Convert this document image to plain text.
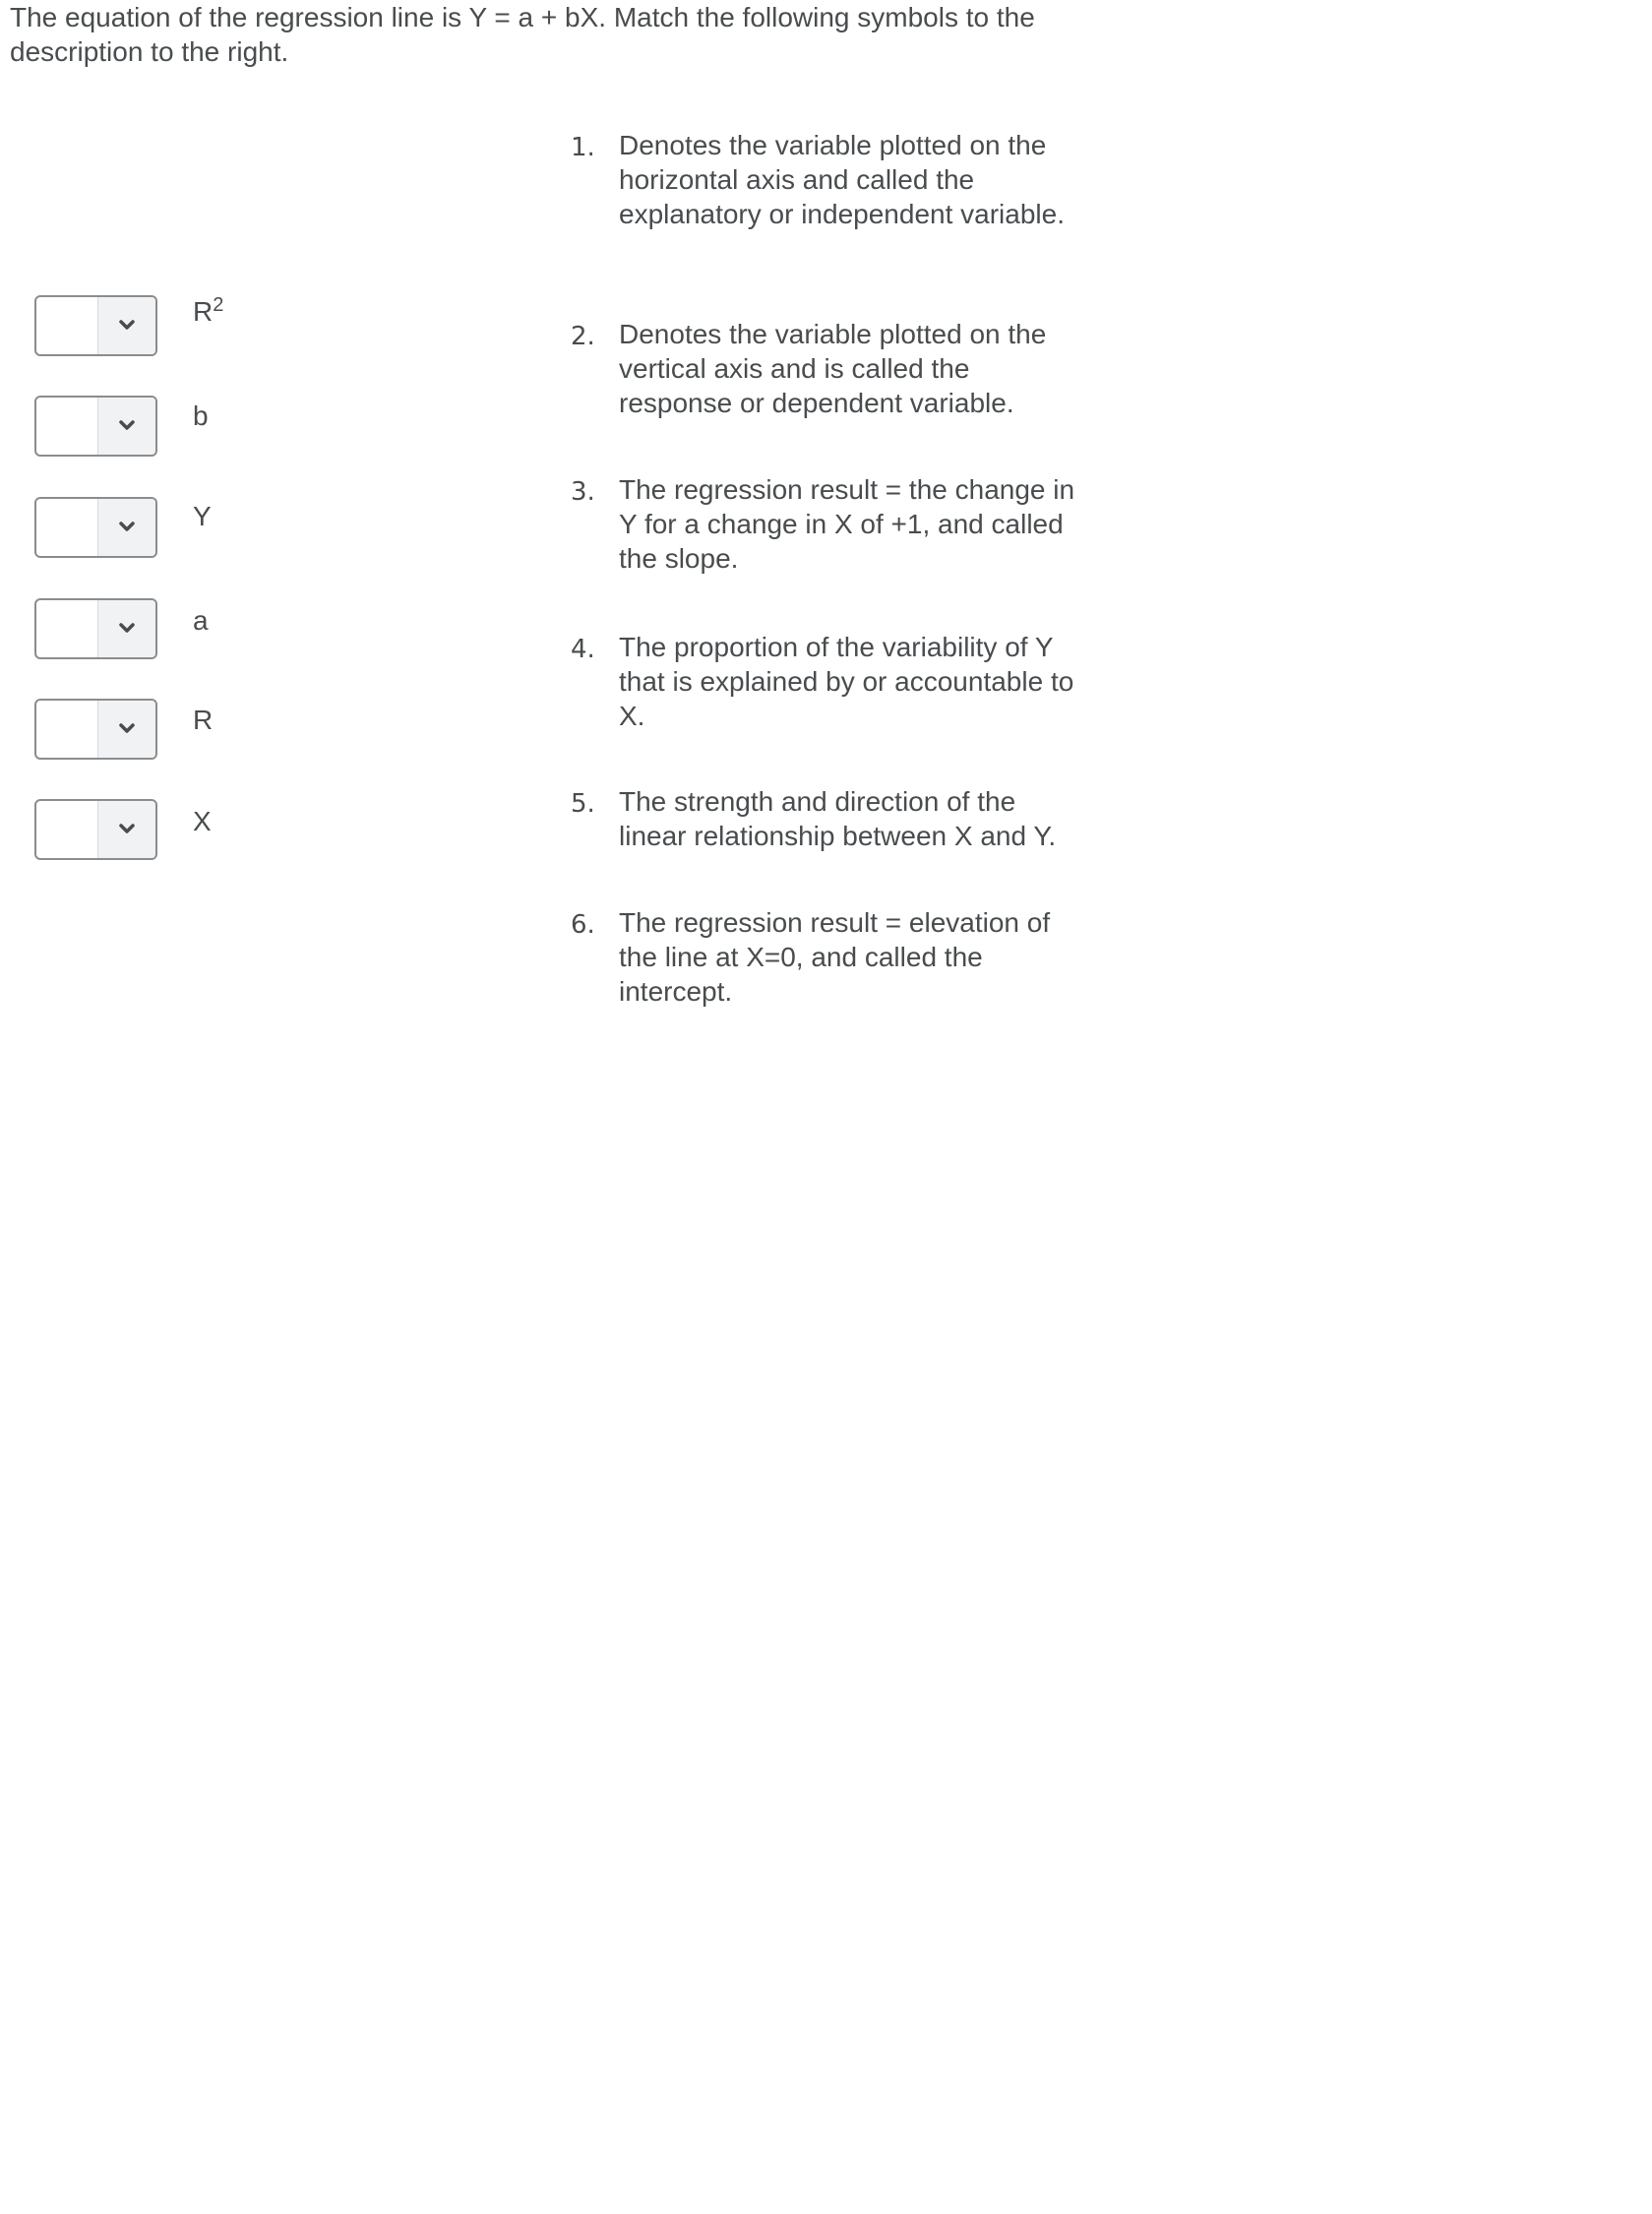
The equation of the regression line is Y = a + bX. Match the following symbols to the description to the right.
$R^2$
b
Y
a
R
X
1. Denotes the variable plotted on the horizontal axis and called the explanatory or independent variable.
2. Denotes the variable plotted on the vertical axis and is called the response or dependent variable.
3. The regression result = the change in Y for a change in X of +1, and called the slope.
4. The proportion of the variability of Y that is explained by or accountable to X.
5. The strength and direction of the linear relationship between X and Y.
6. The regression result = elevation of the line at X=0, and called the intercept.
